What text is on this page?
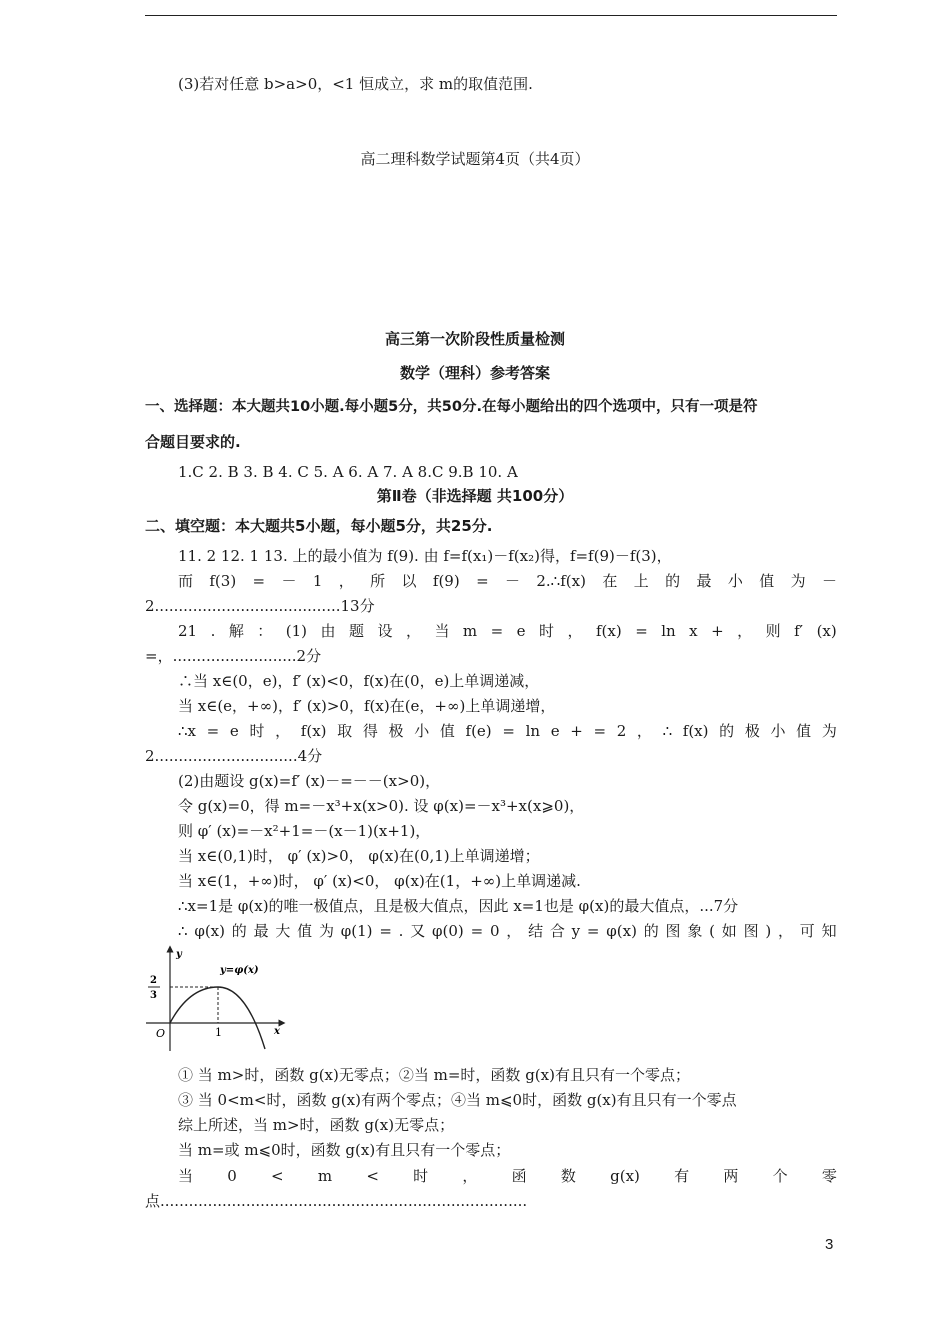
(3)若对任意 b>a>0，<1 恒成立，求 m的取值范围.
高二理科数学试题第4页（共4页）
高三第一次阶段性质量检测
数学（理科）参考答案
一、选择题：本大题共10小题.每小题5分，共50分.在每小题给出的四个选项中，只有一项是符
合题目要求的.
1.C 2. B 3. B 4. C 5. A 6. A 7. A 8.C 9.B 10. A
第Ⅱ卷（非选择题 共100分）
二、填空题：本大题共5小题，每小题5分，共25分.
11. 2 12. 1 13. 上的最小值为 f(9). 由 f=f(x₁)－f(x₂)得，f=f(9)－f(3)，
而 f(3) = － 1 ， 所 以 f(9) = － 2.∴f(x) 在 上 的 最 小 值 为 －
2.......................................13分
21 . 解 ： (1) 由 题 设 ， 当 m = e 时 ， f(x) = ln x + ， 则 f′ (x)
=，..........................2分
∴当 x∈(0，e)，f′ (x)<0，f(x)在(0，e)上单调递减，
当 x∈(e，+∞)，f′ (x)>0，f(x)在(e，+∞)上单调递增，
∴x = e 时 ， f(x) 取 得 极 小 值 f(e) = ln e + = 2 ， ∴ f(x) 的 极 小 值 为
2..............................4分
(2)由题设 g(x)=f′ (x)－=－－(x>0)，
令 g(x)=0，得 m=－x³+x(x>0). 设 φ(x)=－x³+x(x⩾0)，
则 φ′ (x)=－x²+1=－(x－1)(x+1)，
当 x∈(0,1)时， φ′ (x)>0， φ(x)在(0,1)上单调递增；
当 x∈(1，+∞)时， φ′ (x)<0， φ(x)在(1，+∞)上单调递减.
∴x=1是 φ(x)的唯一极值点，且是极大值点，因此 x=1也是 φ(x)的最大值点，...7分
∴ φ(x) 的 最 大 值 为 φ(1) = . 又 φ(0) = 0 ， 结 合 y = φ(x) 的 图 象 ( 如 图 ) ， 可 知
y
x
O	1
2
3
y=φ(x)
① 当 m>时，函数 g(x)无零点；②当 m=时，函数 g(x)有且只有一个零点；
③ 当 0<m<时，函数 g(x)有两个零点；④当 m⩽0时，函数 g(x)有且只有一个零点
综上所述，当 m>时，函数 g(x)无零点；
当 m=或 m⩽0时，函数 g(x)有且只有一个零点；
当 0 < m < 时 ， 函 数 g(x) 有 两 个 零
点.............................................................................
3
